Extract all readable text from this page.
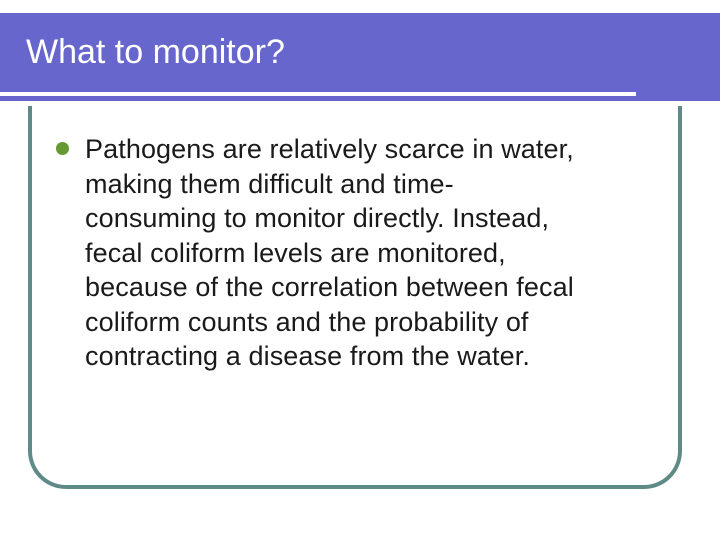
What to monitor?

Pathogens are relatively scarce in water,
making them difficult and time-
consuming to monitor directly. Instead,
fecal coliform levels are monitored,
because of the correlation between fecal
coliform counts and the probability of
contracting a disease from the water.
